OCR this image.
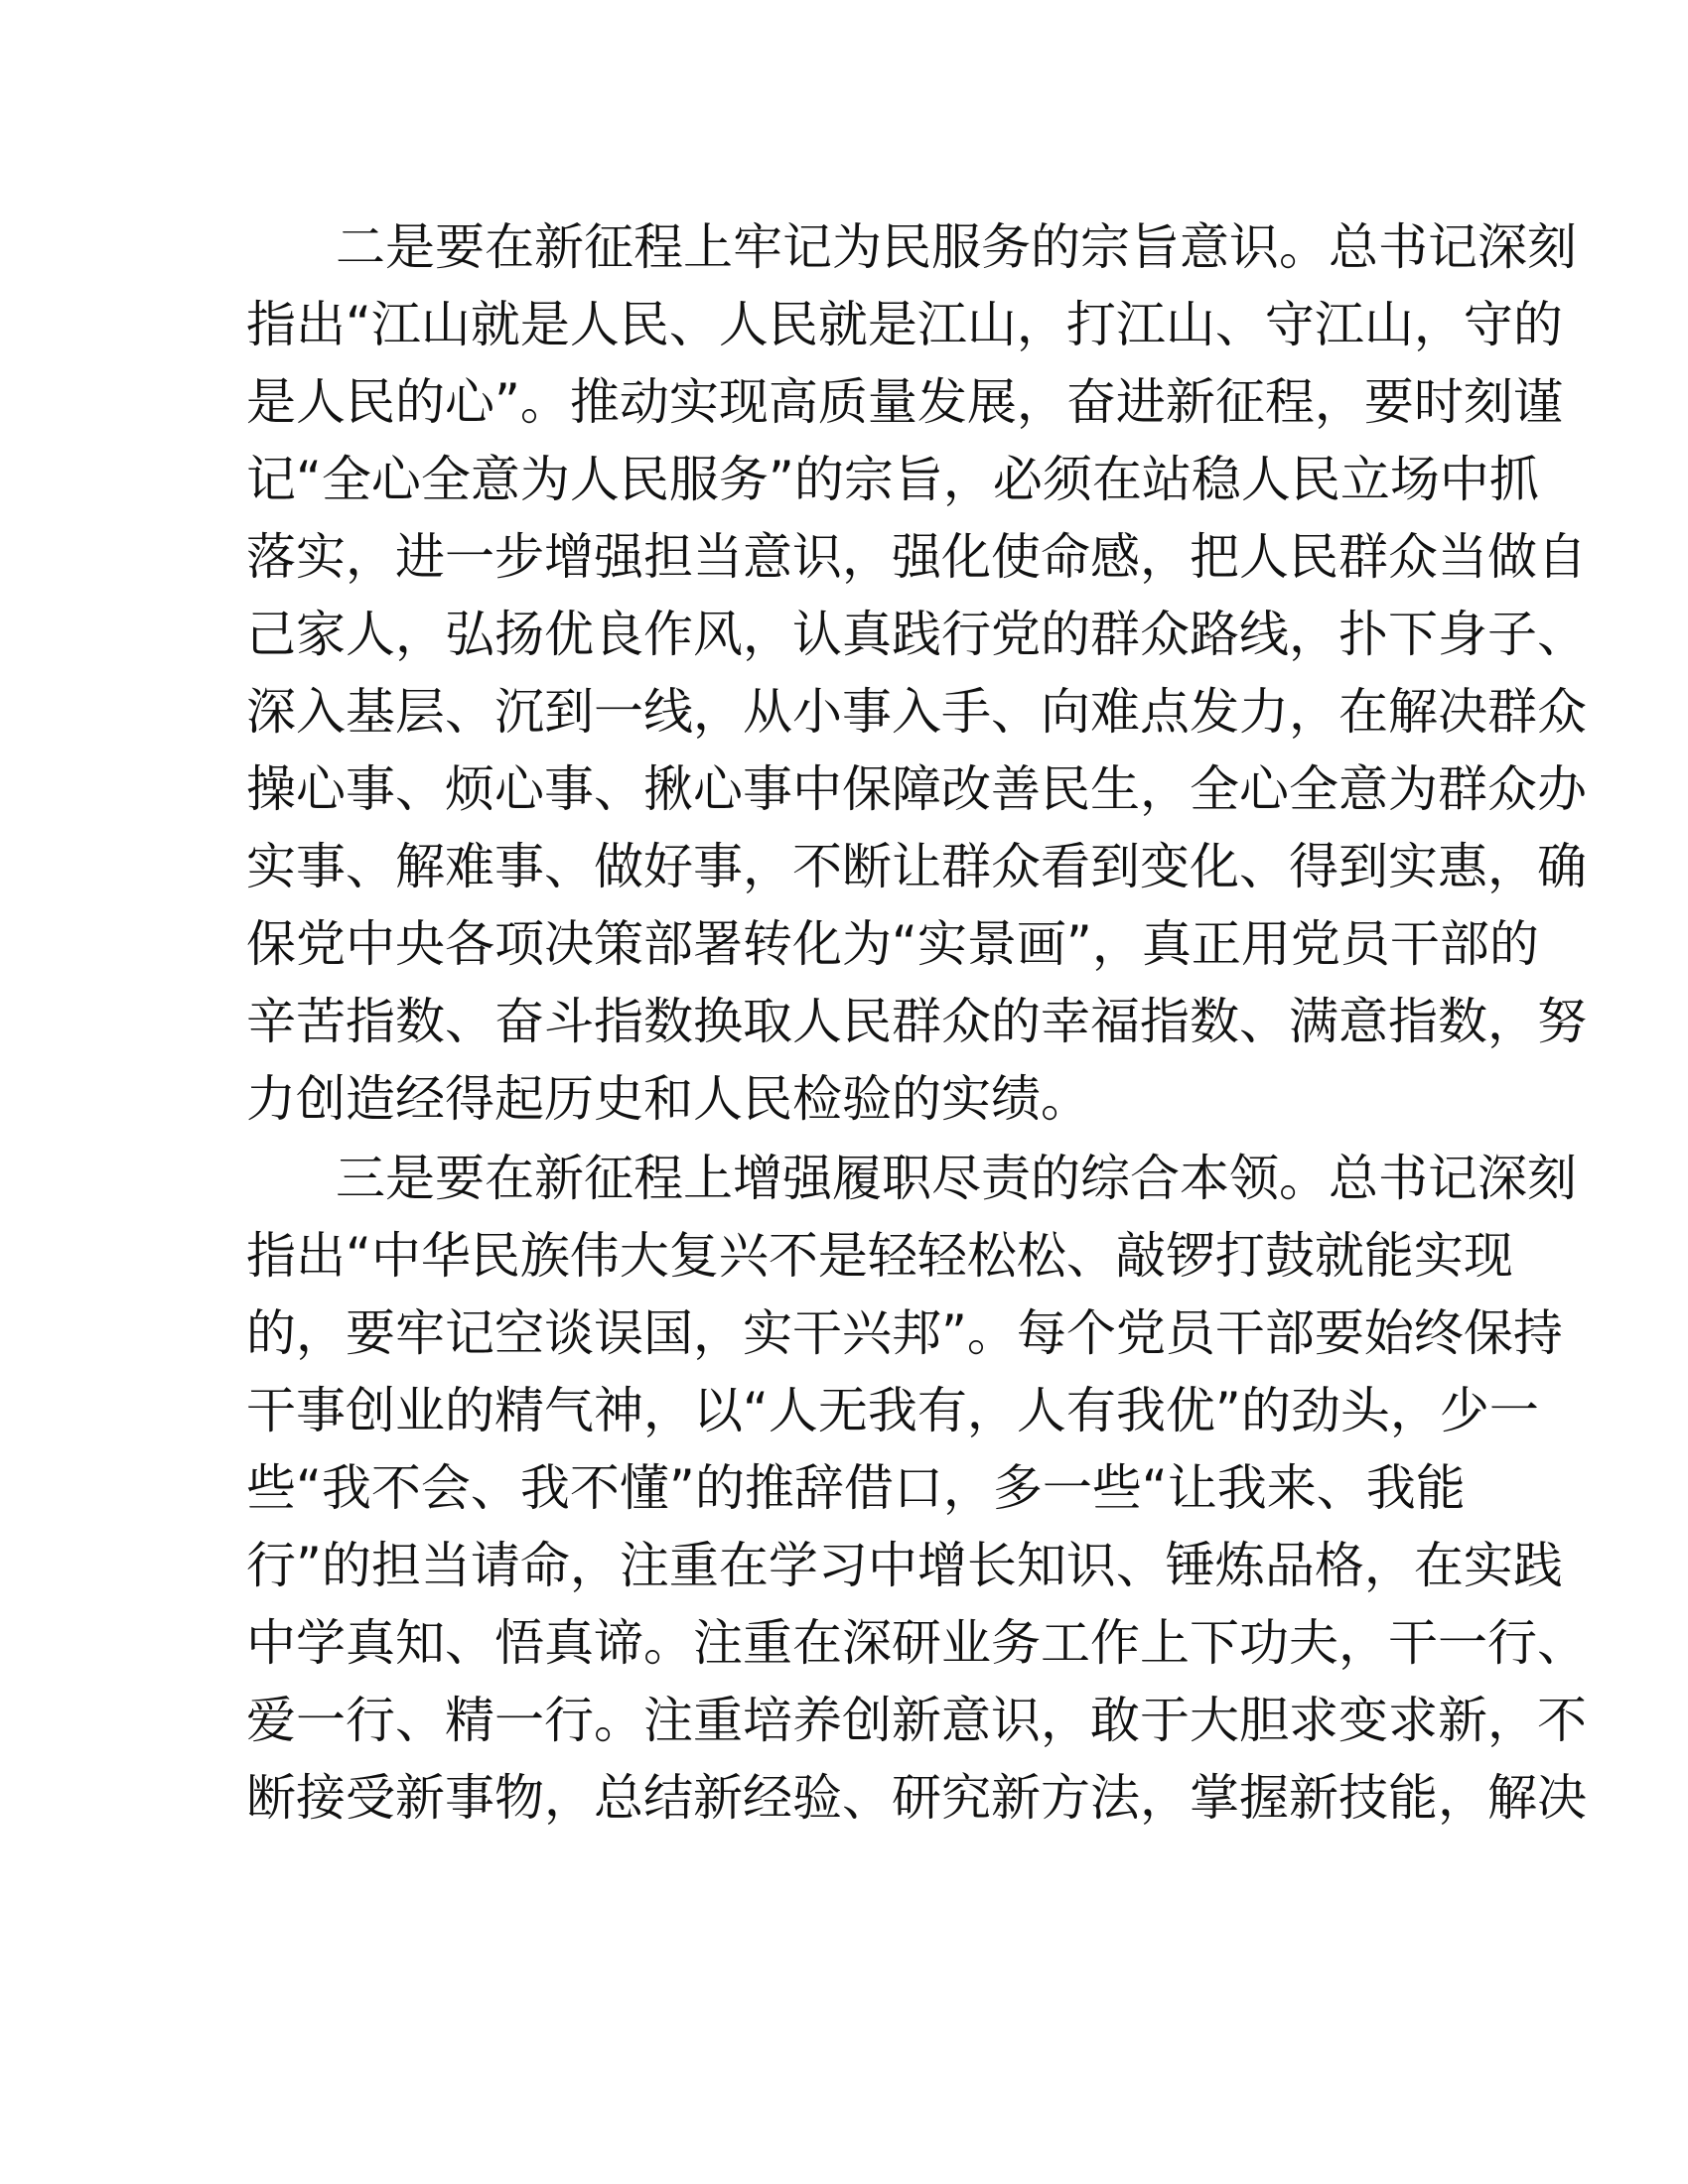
二 是 要 在 新 征 程 上 牢 记 为 民 服 务 的 宗 旨 意 识 。 总 书 记 深 刻
指 出 “ 江 山 就 是 人 民 、 人 民 就 是 江 山 ， 打 江 山 、 守 江 山 ， 守 的
是 人 民 的 心 ” 。 推 动 实 现 高 质 量 发 展 ， 奋 进 新 征 程 ， 要 时 刻 谨
记 “ 全 心 全 意 为 人 民 服 务 ” 的 宗 旨 ， 必 须 在 站 稳 人 民 立 场 中 抓
落 实 ， 进 一 步 增 强 担 当 意 识 ， 强 化 使 命 感 ， 把 人 民 群 众 当 做 自
己 家 人 ， 弘 扬 优 良 作 风 ， 认 真 践 行 党 的 群 众 路 线 ， 扑 下 身 子 、
深 入 基 层 、 沉 到 一 线 ， 从 小 事 入 手 、 向 难 点 发 力 ， 在 解 决 群 众
操 心 事 、 烦 心 事 、 揪 心 事 中 保 障 改 善 民 生 ， 全 心 全 意 为 群 众 办
实 事 、 解 难 事 、 做 好 事 ， 不 断 让 群 众 看 到 变 化 、 得 到 实 惠 ， 确
保 党 中 央 各 项 决 策 部 署 转 化 为 “ 实 景 画 ” ， 真 正 用 党 员 干 部 的
辛 苦 指 数 、 奋 斗 指 数 换 取 人 民 群 众 的 幸 福 指 数 、 满 意 指 数 ， 努
力创造经得起历史和人民检验的实绩。
三 是 要 在 新 征 程 上 增 强 履 职 尽 责 的 综 合 本 领 。 总 书 记 深 刻
指 出 “ 中 华 民 族 伟 大 复 兴 不 是 轻 轻 松 松 、 敲 锣 打 鼓 就 能 实 现
的 ， 要 牢 记 空 谈 误 国 ， 实 干 兴 邦 ” 。 每 个 党 员 干 部 要 始 终 保 持
干 事 创 业 的 精 气 神 ， 以 “ 人 无 我 有 ， 人 有 我 优 ” 的 劲 头 ， 少 一
些 “ 我 不 会 、 我 不 懂 ” 的 推 辞 借 口 ， 多 一 些 “ 让 我 来 、 我 能
行 ” 的 担 当 请 命 ， 注 重 在 学 习 中 增 长 知 识 、 锤 炼 品 格 ， 在 实 践
中 学 真 知 、 悟 真 谛 。 注 重 在 深 研 业 务 工 作 上 下 功 夫 ， 干 一 行 、
爱 一 行 、 精 一 行 。 注 重 培 养 创 新 意 识 ， 敢 于 大 胆 求 变 求 新 ， 不
断 接 受 新 事 物 ， 总 结 新 经 验 、 研 究 新 方 法 ， 掌 握 新 技 能 ， 解 决
